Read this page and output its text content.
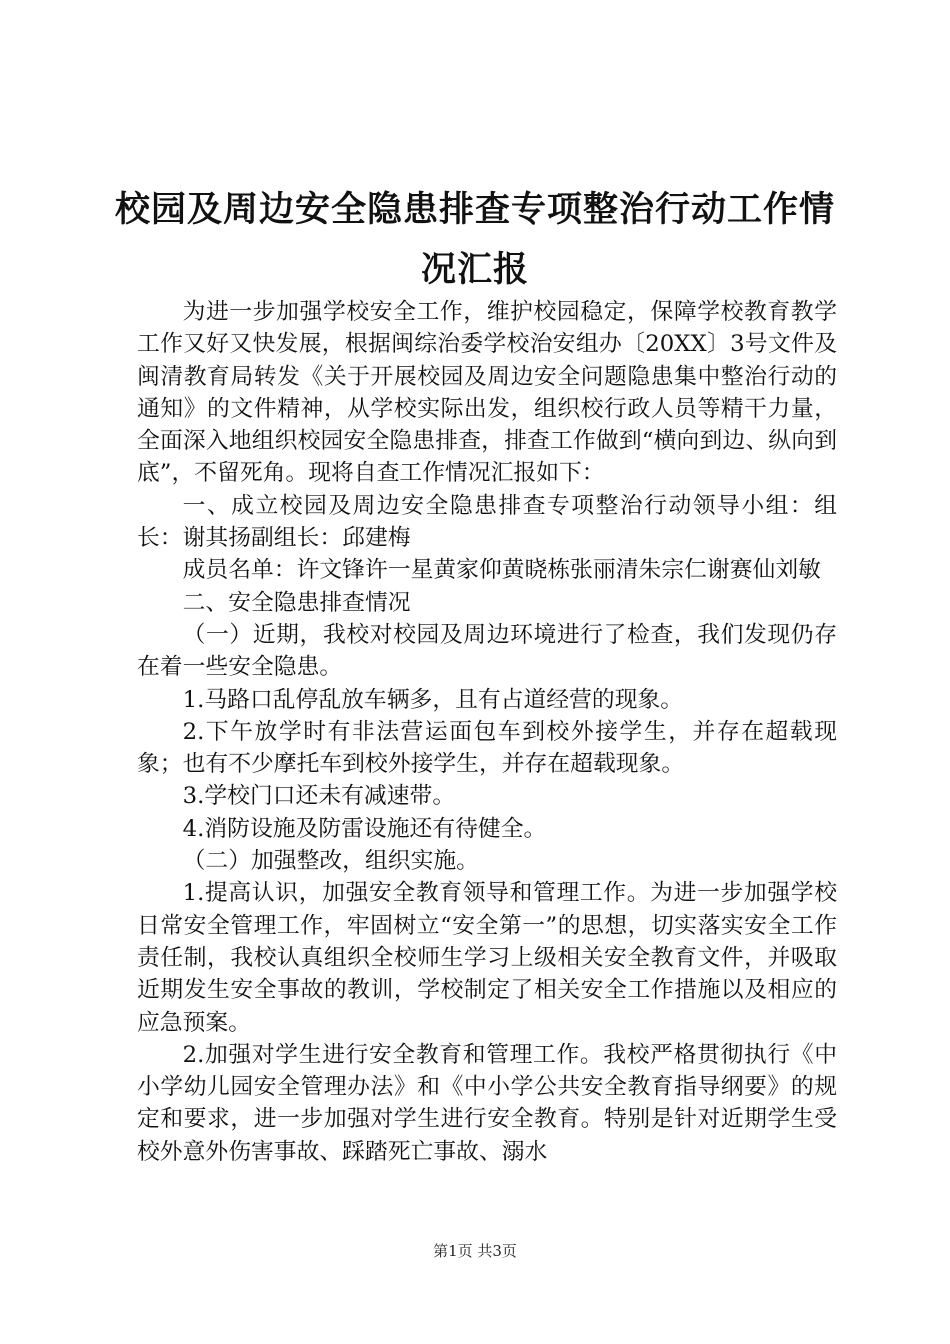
校园及周边安全隐患排查专项整治行动工作情
况汇报

为进一步加强学校安全工作，维护校园稳定，保障学校教育教学工作又好又快发展，根据闽综治委学校治安组办〔20XX〕3号文件及闽清教育局转发《关于开展校园及周边安全问题隐患集中整治行动的通知》的文件精神，从学校实际出发，组织校行政人员等精干力量，全面深入地组织校园安全隐患排查，排查工作做到“横向到边、纵向到底”，不留死角。现将自查工作情况汇报如下：

一、成立校园及周边安全隐患排查专项整治行动领导小组：组长：谢其扬副组长：邱建梅

成员名单：许文锋许一星黄家仰黄晓栋张丽清朱宗仁谢赛仙刘敏

二、安全隐患排查情况

（一）近期，我校对校园及周边环境进行了检查，我们发现仍存在着一些安全隐患。

1.马路口乱停乱放车辆多，且有占道经营的现象。

2.下午放学时有非法营运面包车到校外接学生，并存在超载现象；也有不少摩托车到校外接学生，并存在超载现象。

3.学校门口还未有减速带。

4.消防设施及防雷设施还有待健全。

（二）加强整改，组织实施。

1.提高认识，加强安全教育领导和管理工作。为进一步加强学校日常安全管理工作，牢固树立“安全第一”的思想，切实落实安全工作责任制，我校认真组织全校师生学习上级相关安全教育文件，并吸取近期发生安全事故的教训，学校制定了相关安全工作措施以及相应的应急预案。

2.加强对学生进行安全教育和管理工作。我校严格贯彻执行《中小学幼儿园安全管理办法》和《中小学公共安全教育指导纲要》的规定和要求，进一步加强对学生进行安全教育。特别是针对近期学生受校外意外伤害事故、踩踏死亡事故、溺水

第1页 共3页
